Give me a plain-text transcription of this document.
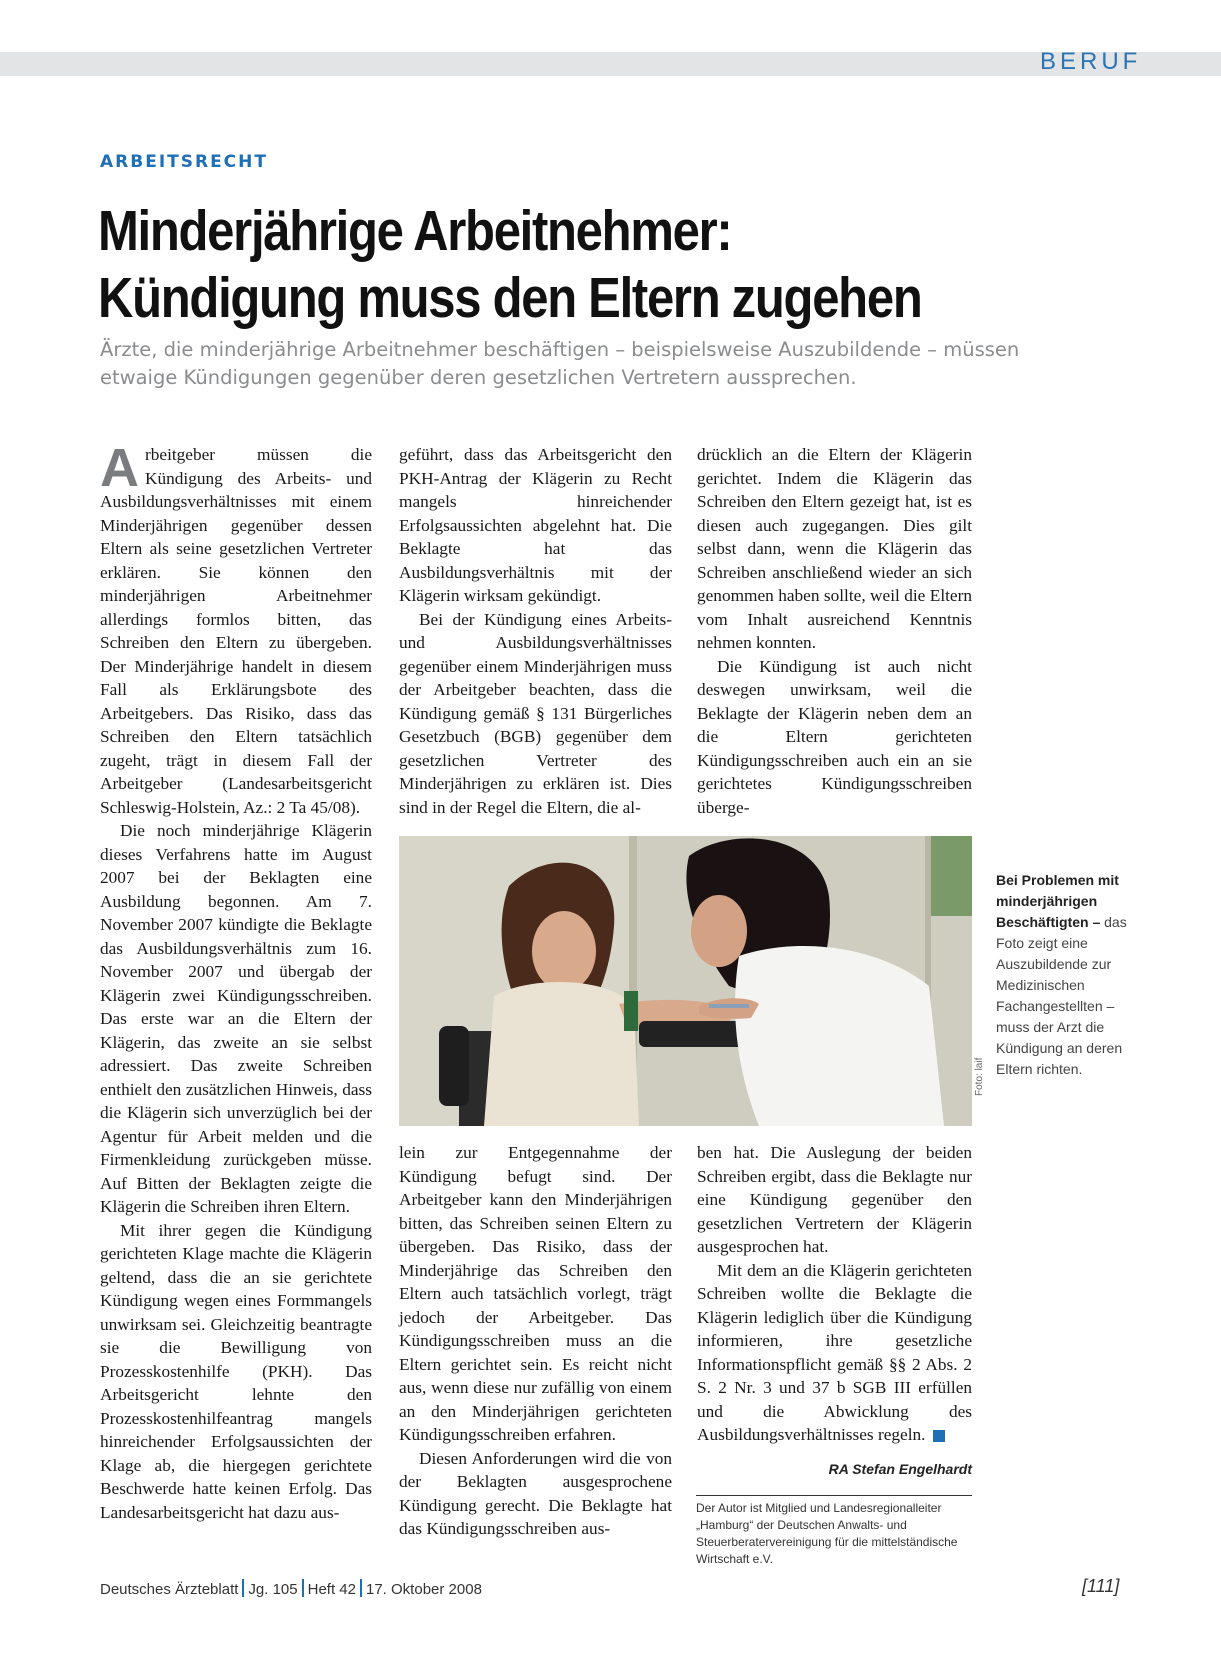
BERUF
ARBEITSRECHT
Minderjährige Arbeitnehmer:
Kündigung muss den Eltern zugehen

Ärzte, die minderjährige Arbeitnehmer beschäftigen – beispielsweise Auszubildende – müssen etwaige Kündigungen gegenüber deren gesetzlichen Vertretern aussprechen.

Arbeitgeber müssen die Kündigung des Arbeits- und Ausbildungsverhältnisses mit einem Minderjährigen gegenüber dessen Eltern als seine gesetzlichen Vertreter erklären. Sie können den minderjährigen Arbeitnehmer allerdings formlos bitten, das Schreiben den Eltern zu übergeben. Der Minderjährige handelt in diesem Fall als Erklärungsbote des Arbeitgebers. Das Risiko, dass das Schreiben den Eltern tatsächlich zugeht, trägt in diesem Fall der Arbeitgeber (Landesarbeitsgericht Schleswig-Holstein, Az.: 2 Ta 45/08).

Die noch minderjährige Klägerin dieses Verfahrens hatte im August 2007 bei der Beklagten eine Ausbildung begonnen. Am 7. November 2007 kündigte die Beklagte das Ausbildungsverhältnis zum 16. November 2007 und übergab der Klägerin zwei Kündigungsschreiben. Das erste war an die Eltern der Klägerin, das zweite an sie selbst adressiert. Das zweite Schreiben enthielt den zusätzlichen Hinweis, dass die Klägerin sich unverzüglich bei der Agentur für Arbeit melden und die Firmenkleidung zurückgeben müsse. Auf Bitten der Beklagten zeigte die Klägerin die Schreiben ihren Eltern.

Mit ihrer gegen die Kündigung gerichteten Klage machte die Klägerin geltend, dass die an sie gerichtete Kündigung wegen eines Formmangels unwirksam sei. Gleichzeitig beantragte sie die Bewilligung von Prozesskostenhilfe (PKH). Das Arbeitsgericht lehnte den Prozesskostenhilfeantrag mangels hinreichender Erfolgsaussichten der Klage ab, die hiergegen gerichtete Beschwerde hatte keinen Erfolg. Das Landesarbeitsgericht hat dazu aus-

geführt, dass das Arbeitsgericht den PKH-Antrag der Klägerin zu Recht mangels hinreichender Erfolgsaussichten abgelehnt hat. Die Beklagte hat das Ausbildungsverhältnis mit der Klägerin wirksam gekündigt.

Bei der Kündigung eines Arbeits- und Ausbildungsverhältnisses gegenüber einem Minderjährigen muss der Arbeitgeber beachten, dass die Kündigung gemäß § 131 Bürgerliches Gesetzbuch (BGB) gegenüber dem gesetzlichen Vertreter des Minderjährigen zu erklären ist. Dies sind in der Regel die Eltern, die al-

drücklich an die Eltern der Klägerin gerichtet. Indem die Klägerin das Schreiben den Eltern gezeigt hat, ist es diesen auch zugegangen. Dies gilt selbst dann, wenn die Klägerin das Schreiben anschließend wieder an sich genommen haben sollte, weil die Eltern vom Inhalt ausreichend Kenntnis nehmen konnten.

Die Kündigung ist auch nicht deswegen unwirksam, weil die Beklagte der Klägerin neben dem an die Eltern gerichteten Kündigungsschreiben auch ein an sie gerichtetes Kündigungsschreiben überge-

Foto: laif
Bei Problemen mit minderjährigen Beschäftigten – das Foto zeigt eine Auszubildende zur Medizinischen Fachangestellten – muss der Arzt die Kündigung an deren Eltern richten.

lein zur Entgegennahme der Kündigung befugt sind. Der Arbeitgeber kann den Minderjährigen bitten, das Schreiben seinen Eltern zu übergeben. Das Risiko, dass der Minderjährige das Schreiben den Eltern auch tatsächlich vorlegt, trägt jedoch der Arbeitgeber. Das Kündigungsschreiben muss an die Eltern gerichtet sein. Es reicht nicht aus, wenn diese nur zufällig von einem an den Minderjährigen gerichteten Kündigungsschreiben erfahren.

Diesen Anforderungen wird die von der Beklagten ausgesprochene Kündigung gerecht. Die Beklagte hat das Kündigungsschreiben aus-

ben hat. Die Auslegung der beiden Schreiben ergibt, dass die Beklagte nur eine Kündigung gegenüber den gesetzlichen Vertretern der Klägerin ausgesprochen hat.

Mit dem an die Klägerin gerichteten Schreiben wollte die Beklagte die Klägerin lediglich über die Kündigung informieren, ihre gesetzliche Informationspflicht gemäß §§ 2 Abs. 2 S. 2 Nr. 3 und 37 b SGB III erfüllen und die Abwicklung des Ausbildungsverhältnisses regeln.

RA Stefan Engelhardt
Der Autor ist Mitglied und Landesregionalleiter „Hamburg“ der Deutschen Anwalts- und Steuerberatervereinigung für die mittelständische Wirtschaft e.V.
Deutsches Ärzteblatt Jg. 105 Heft 42 17. Oktober 2008	[111]
